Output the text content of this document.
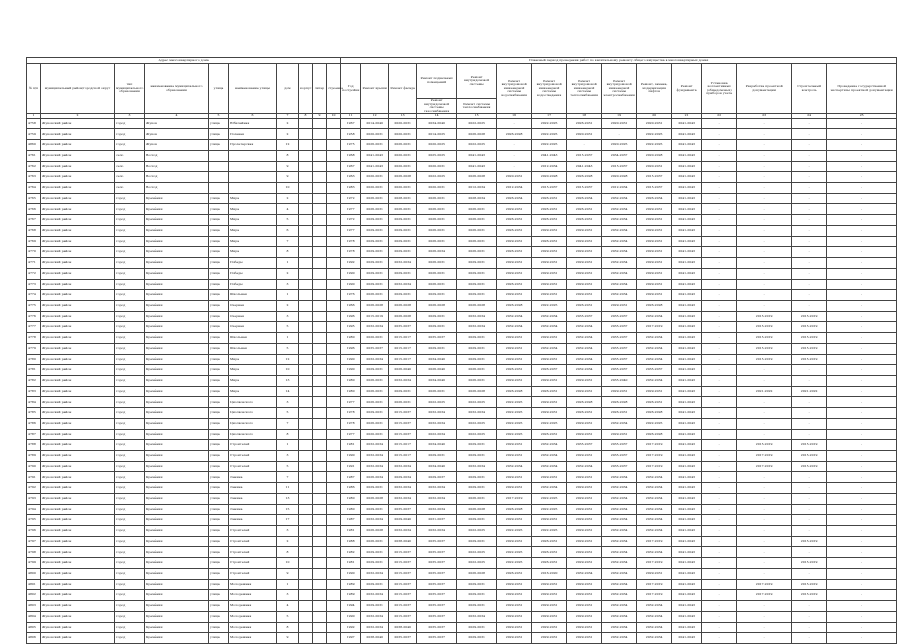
Адрес многоквартирного дома										Плановый период проведения работ по капитальному ремонту общего имущества в многоквартирных домах														
№ п/п	муниципальный район/городской округ	тип муниципального образования	наименование муниципального образования	улица	наименование улицы	дом	корпус	литер	строение	Год постройки	Ремонт крыши	Ремонт фасада	Ремонт подвальных помещений	Ремонт внутридомовой системы	Ремонт внутридомовой инженерной системы водоснабжения	Ремонт внутридомовой инженерной системы водоотведения	Ремонт внутридомовой инженерной системы теплоснабжения	Ремонт внутридомовой инженерной системы электроснабжения	Ремонт, замена, модернизация лифтов	Ремонт фундамента	Установка коллективных (общедомовых) приборов учета	Разработка проектной документации	Строительный контроль	Проведение государственной экспертизы проектной документации
													Ремонт внутридомовой системы газоснабжения	Ремонт системы теплоснабжения										
1	2	3	4	5	6	7	8	9	10	11	12	13	14	15	16	17	18	19	20	21	22	23	24	25
4758	Жуковский район	город	Жуков	улица	Юбилейная	2				1967	2014-2040	2020-2031	2034-2040	2022-2025	-	2022-2025	2026-2031	2020-2031	2020-2031	2041-2043	-	-	-	-
4759	Жуковский район	город	Жуков	улица	Полевая	2				1958	2020-2031	2020-2031	2014-2025	2026-2028	2026-2028	2022-2025	2020-2031	-	2022-2025	2041-2043	-	-	-	-
4860	Жуковский район	город	Жуков	улица	Пролетарская	12				1975	2026-2031	2026-2031	2020-2025	2022-2025	-	2022-2025	-	2020-2025	2022-2025	2041-2043	-	-	-	-
4761	Жуковский район	село	Восход			8				1968	2041-2043	2020-2031	2025-2025	2041-2043	-	2041-2043	2015-2037	2034-2037	2020-2028	2041-2043	-	-	-	-
4762	Жуковский район	село	Восход			9				1967	2041-2043	2020-2031	2020-2031	2041-2043	-	2012-2034	2041-2043	2015-2037	2020-2031	2041-2043	-	-	-	-
4763	Жуковский район	село	Восход			9				1963	2020-2031	2026-2028	2022-2025	2026-2028	2020-2031	2020-2028	2026-2028	2020-2028	2015-2037	2041-2043	-	-	-	-
4764	Жуковский район	село	Восход			10				1983	2020-2031	2020-2031	2020-2031	2012-2034	2012-2034	2015-2037	2015-2037	2012-2034	2015-2037	2041-2043	-	-	-	-
4765	Жуковский район	город	Кремёнки	улица	Мира	2				1972	2026-2031	2028-2031	2026-2031	2028-2034	2026-2034	2026-2031	2026-2034	2032-2034	2026-2034	2041-2043	-	-	-	-
4766	Жуковский район	город	Кремёнки	улица	Мира	4				1977	2026-2031	2026-2031	2026-2031	2026-2031	2029-2031	2026-2031	2026-2031	2032-2034	2029-2031	2041-2043	-	-	-	-
4767	Жуковский район	город	Кремёнки	улица	Мира	5				1972	2029-2031	2029-2031	2026-2031	2026-2031	2026-2031	2026-2031	2026-2031	2032-2034	2029-2031	2041-2043	-	-	-	-
4768	Жуковский район	город	Кремёнки	улица	Мира	6				1977	2029-2031	2029-2031	2026-2031	2026-2031	2026-2031	2029-2031	2029-2031	2032-2034	2029-2031	2041-2043	-	-	-	-
4769	Жуковский район	город	Кремёнки	улица	Мира	7				1978	2029-2031	2029-2031	2026-2031	2026-2031	2029-2031	2026-2031	2029-2031	2032-2034	2029-2031	2041-2043	-	-	-	-
4770	Жуковский район	город	Кремёнки	улица	Мира	8				1978	2029-2031	2029-2031	2026-2034	2026-2031	2026-2031	2029-2031	2029-2031	2032-2034	2029-2031	2041-2043	-	-	-	-
4771	Жуковский район	город	Кремёнки	улица	Победы	1				1992	2029-2031	2032-2034	2026-2031	2029-2031	2029-2031	2029-2031	2029-2031	2032-2034	2029-2031	2041-2043	-	-	-	-
4772	Жуковский район	город	Кремёнки	улица	Победы	2				1990	2029-2031	2029-2031	2026-2031	2029-2031	2029-2031	2029-2031	2029-2031	2032-2034	2029-2031	2041-2043	-	-	-	-
4773	Жуковский район	город	Кремёнки	улица	Победы	3				1990	2029-2031	2032-2034	2026-2031	2029-2031	2026-2031	2029-2031	2029-2031	2032-2034	2029-2031	2041-2043	-	-	-	-
4774	Жуковский район	город	Кремёнки	улица	Школьная	1				1976	2026-2031	2029-2031	2029-2031	2029-2031	2029-2031	2029-2031	2029-2031	2032-2034	2029-2031	2041-2043	-	-	-	-
4775	Жуковский район	город	Кремёнки	улица	Озерная	2				1966	2026-2028	2026-2028	2026-2028	2026-2028	2026-2028	2022-2025	2026-2031	2029-2031	2026-2028	2041-2043	-	-	-	-
4776	Жуковский район	город	Кремёнки	улица	Озерная	3				1996	2015-2019	2026-2028	2029-2031	2032-2034	2032-2034	2032-2034	2035-2037	2035-2037	2032-2034	2041-2043	-	2015-2019	2015-2019	-
4777	Жуковский район	город	Кремёнки	улица	Озерная	5				1995	2032-2034	2035-2037	2029-2031	2032-2034	2032-2034	2032-2034	2032-2034	2035-2037	2017-2019	2041-2043	-	2015-2019	2015-2019	-
4778	Жуковский район	город	Кремёнки	улица	Школьная	1				1980	2020-2031	2015-2017	2035-2037	2029-2031	2029-2031	2029-2031	2032-2034	2035-2037	2032-2034	2041-2043	-	2015-2019	2015-2019	-
4779	Жуковский район	город	Кремёнки	улица	Школьная	5				1996	2035-2037	2015-2017	2029-2031	2029-2031	2029-2031	2032-2034	2032-2034	2035-2037	2032-2034	2041-2043	-	2015-2019	2015-2019	-
4780	Жуковский район	город	Кремёнки	улица	Мира	12				1990	2032-2034	2015-2017	2034-2040	2029-2031	2029-2031	2029-2031	2032-2034	2035-2037	2032-2034	2041-2043	-	2015-2019	2015-2019	-
4781	Жуковский район	город	Кремёнки	улица	Мира	10				1990	2029-2031	2026-2040	2026-2040	2026-2031	2026-2031	2026-2037	2032-2034	2035-2037	2035-2037	2041-2043	-	-	-	-
4782	Жуковский район	город	Кремёнки	улица	Мира	13				1980	2026-2031	2032-2034	2034-2040	2026-2031	2029-2031	2029-2031	2029-2031	2035-2040	2032-2034	2041-2043	-	-	-	-
4783	Жуковский район	город	Кремёнки	улица	Мира	14				1980	2026-2031	2029-2031	2026-2031	2026-2028	2026-2028	2026-2031	2029-2031	2029-2031	2029-2031	2041-2043	-	2021-2022	2021-2022	-
4784	Жуковский район	город	Кремёнки	улица	Циолковского	3				1977	2026-2031	2026-2031	2022-2025	2022-2025	2022-2025	2029-2031	2026-2028	2026-2028	2026-2031	2041-2043	-	-	-	-
4785	Жуковский район	город	Кремёнки	улица	Циолковского	5				1978	2029-2031	2015-2037	2032-2034	2032-2034	2022-2025	2029-2031	2026-2031	2026-2031	2026-2028	2041-2043	-	-	-	-
4786	Жуковский район	город	Кремёнки	улица	Циолковского	7				1978	2026-2031	2015-2037	2032-2034	2022-2025	2022-2025	2022-2025	2029-2031	2032-2034	2022-2025	2041-2043	-	-	-	-
4787	Жуковский район	город	Кремёнки	улица	Циолковского	8				1977	2020-2031	2015-2037	2022-2034	2022-2025	2022-2025	2026-2031	2029-2031	2029-2031	2026-2028	2041-2043	-	-	-	-
4788	Жуковский район	город	Кремёнки	улица	Строителей	1				1981	2032-2034	2015-2017	2034-2040	2029-2031	2029-2031	2032-2034	2035-2037	2035-2037	2017-2019	2041-2043	-	2015-2019	2015-2019	-
4789	Жуковский район	город	Кремёнки	улица	Строителей	3				1990	2032-2034	2015-2017	2029-2031	2029-2031	2029-2031	2032-2034	2029-2031	2035-2037	2017-2019	2041-2043	-	2017-2019	2015-2019	-
4790	Жуковский район	город	Кремёнки	улица	Строителей	5				1991	2032-2034	2032-2034	2034-2040	2032-2034	2032-2034	2032-2034	2032-2034	2035-2037	2017-2019	2041-2043	-	2017-2019	2015-2019	-
4791	Жуковский район	город	Кремёнки	улица	Ленина	7				1987	2026-2034	2029-2034	2029-2037	2029-2031	2029-2031	2029-2031	2029-2031	2032-2034	2032-2034	2041-2043	-	-	-	-
4792	Жуковский район	город	Кремёнки	улица	Ленина	11				1986	2029-2031	2032-2034	2032-2034	2029-2031	2029-2031	2032-2034	2029-2031	2032-2034	2032-2034	2041-2043	-	-	-	-
4793	Жуковский район	город	Кремёнки	улица	Ленина	13				1980	2026-2028	2032-2034	2032-2034	2026-2031	2017-2019	2022-2025	2029-2031	2032-2034	2032-2034	2041-2043	-	-	-	-
4794	Жуковский район	город	Кремёнки	улица	Ленина	15				1980	2029-2031	2035-2037	2032-2034	2026-2028	2026-2028	2022-2025	2029-2031	2032-2034	2032-2034	2041-2043	-	-	-	-
4795	Жуковский район	город	Кремёнки	улица	Ленина	17				1987	2032-2034	2029-2040	2031-2037	2029-2031	2029-2031	2029-2031	2029-2031	2032-2034	2032-2034	2041-2043	-	-	-	-
4796	Жуковский район	город	Кремёнки	улица	Строителей	3				1981	2026-2028	2032-2034	2032-2034	2022-2025	2022-2025	2022-2025	2029-2031	2032-2034	2032-2034	2041-2043	-	-	-	-
4797	Жуковский район	город	Кремёнки	улица	Строителей	2				1988	2026-2031	2038-2040	2035-2037	2029-2031	2029-2031	2026-2031	2029-2031	2032-2034	2017-2019	2041-2043	-	-	2015-2019	-
4798	Жуковский район	город	Кремёнки	улица	Строителей	8				1982	2029-2031	2015-2037	2035-2037	2022-2025	2022-2025	2026-2031	2029-2031	2032-2034	2032-2034	2041-2043	-	-	-	-
4799	Жуковский район	город	Кремёнки	улица	Строителей	10				1981	2029-2031	2015-2037	2035-2037	2022-2025	2022-2025	2026-2031	2029-2031	2032-2034	2017-2019	2041-2043	-	-	2015-2019	-
4800	Жуковский район	город	Кремёнки	улица	Строителей	9				1990	2032-2034	2015-2037	2035-2037	2026-2028	2026-2031	2016-2020	2032-2034	2032-2034	2029-2031	2041-2043	-	-	-	-
4801	Жуковский район	город	Кремёнки	улица	Молодежная	1				1989	2029-2031	2015-2037	2035-2037	2029-2031	2029-2031	2029-2031	2029-2031	2032-2034	2017-2019	2041-2043	-	2017-2019	2015-2019	-
4802	Жуковский район	город	Кремёнки	улица	Молодежная	3				1989	2032-2034	2015-2037	2035-2037	2029-2031	2029-2031	2029-2031	2029-2031	2032-2034	2017-2019	2041-2043	-	2017-2019	2015-2019	-
4803	Жуковский район	город	Кремёнки	улица	Молодежная	4				1994	2029-2031	2015-2037	2035-2037	2029-2031	2029-2031	2029-2031	2029-2031	2032-2034	2032-2034	2041-2043	-	-	-	-
4804	Жуковский район	город	Кремёнки	улица	Молодежная	5				1990	2032-2034	2015-2037	2035-2037	2032-2034	2029-2031	2029-2031	2029-2031	2032-2034	2032-2034	2041-2043	-	-	-	-
4805	Жуковский район	город	Кремёнки	улица	Молодежная	8				1992	2032-2034	2038-2040	2035-2037	2029-2031	2029-2031	2029-2031	2029-2031	2032-2034	2032-2034	2041-2043	-	-	-	-
4806	Жуковский район	город	Кремёнки	улица	Молодежная	9				1997	2038-2040	2035-2037	2035-2037	2029-2031	2029-2031	2029-2031	2029-2031	2032-2034	2032-2034	2041-2043	-	-	-	-
